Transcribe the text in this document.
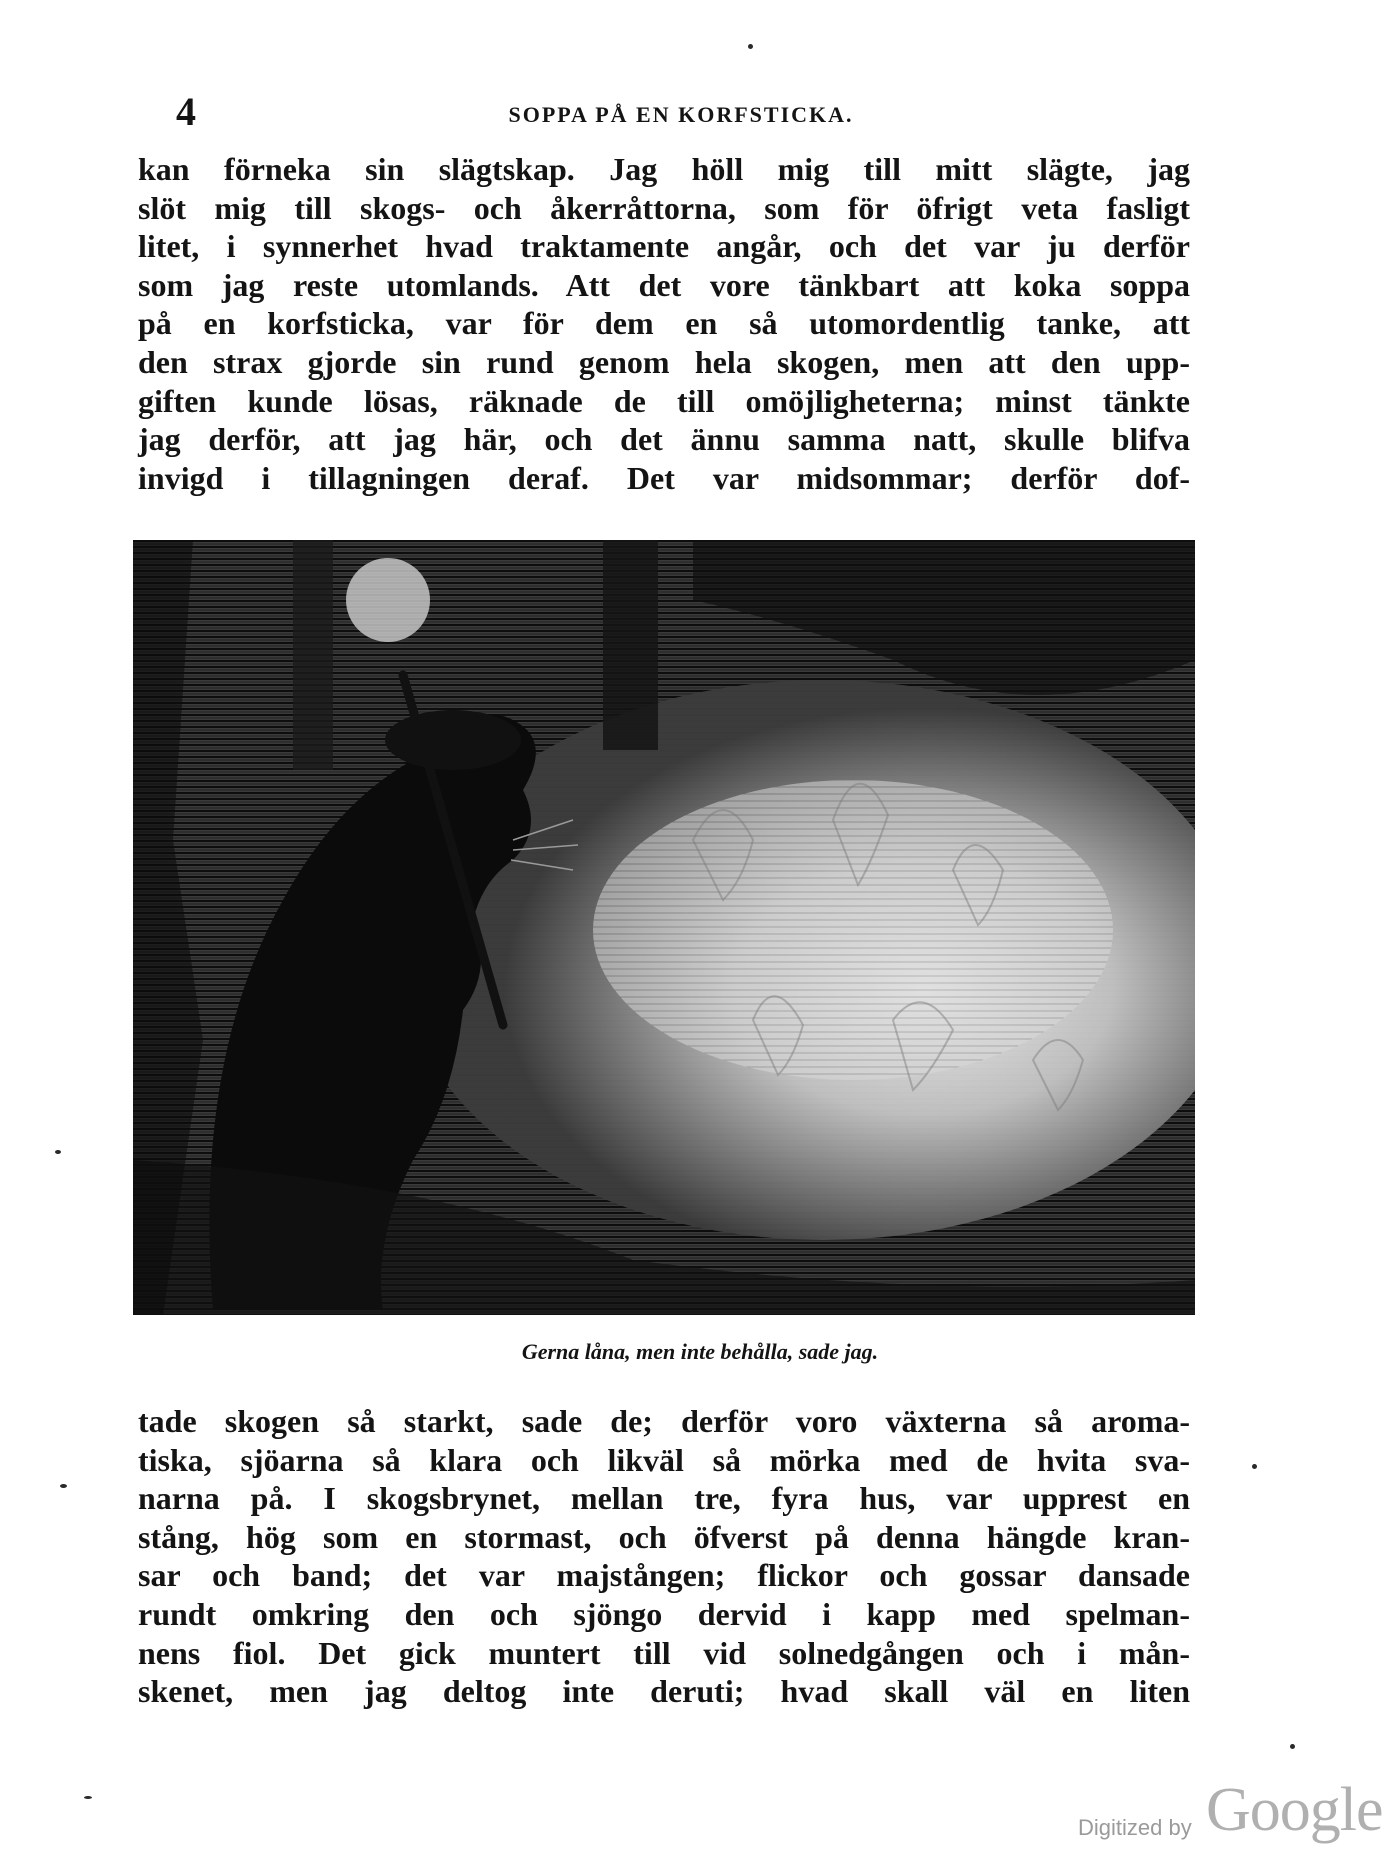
4	SOPPA PÅ EN KORFSTICKA.
kan förneka sin slägtskap. Jag höll mig till mitt slägte, jag
slöt mig till skogs- och åkerråttorna, som för öfrigt veta fasligt
litet, i synnerhet hvad traktamente angår, och det var ju derför
som jag reste utomlands. Att det vore tänkbart att koka soppa
på en korfsticka, var för dem en så utomordentlig tanke, att
den strax gjorde sin rund genom hela skogen, men att den upp-
giften kunde lösas, räknade de till omöjligheterna; minst tänkte
jag derför, att jag här, och det ännu samma natt, skulle blifva
invigd i tillagningen deraf. Det var midsommar; derför dof-
Gerna låna, men inte behålla, sade jag.
tade skogen så starkt, sade de; derför voro växterna så aroma-
tiska, sjöarna så klara och likväl så mörka med de hvita sva-
narna på. I skogsbrynet, mellan tre, fyra hus, var upprest en
stång, hög som en stormast, och öfverst på denna hängde kran-
sar och band; det var majstången; flickor och gossar dansade
rundt omkring den och sjöngo dervid i kapp med spelman-
nens fiol. Det gick muntert till vid solnedgången och i mån-
skenet, men jag deltog inte deruti; hvad skall väl en liten
Digitized by Google
